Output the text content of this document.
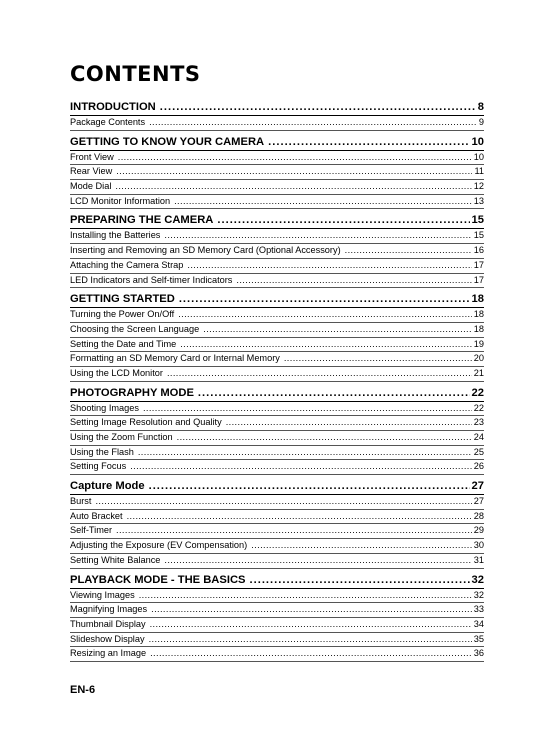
CONTENTS
INTRODUCTION .....	8
Package Contents .....	9
GETTING TO KNOW YOUR CAMERA .....	10
Front View .....	10
Rear View .....	11
Mode Dial .....	12
LCD Monitor Information .....	13
PREPARING THE CAMERA .....	15
Installing the Batteries .....	15
Inserting and Removing an SD Memory Card (Optional Accessory) .....	16
Attaching the Camera Strap .....	17
LED Indicators and Self-timer Indicators .....	17
GETTING STARTED .....	18
Turning the Power On/Off .....	18
Choosing the Screen Language .....	18
Setting the Date and Time .....	19
Formatting an SD Memory Card or Internal Memory .....	20
Using the LCD Monitor .....	21
PHOTOGRAPHY MODE .....	22
Shooting Images .....	22
Setting Image Resolution and Quality .....	23
Using the Zoom Function .....	24
Using the Flash .....	25
Setting Focus .....	26
Capture Mode .....	27
Burst .....	27
Auto Bracket .....	28
Self-Timer .....	29
Adjusting the Exposure (EV Compensation) .....	30
Setting White Balance .....	31
PLAYBACK MODE - THE BASICS .....	32
Viewing Images .....	32
Magnifying Images .....	33
Thumbnail Display .....	34
Slideshow Display .....	35
Resizing an Image .....	36
EN-6
